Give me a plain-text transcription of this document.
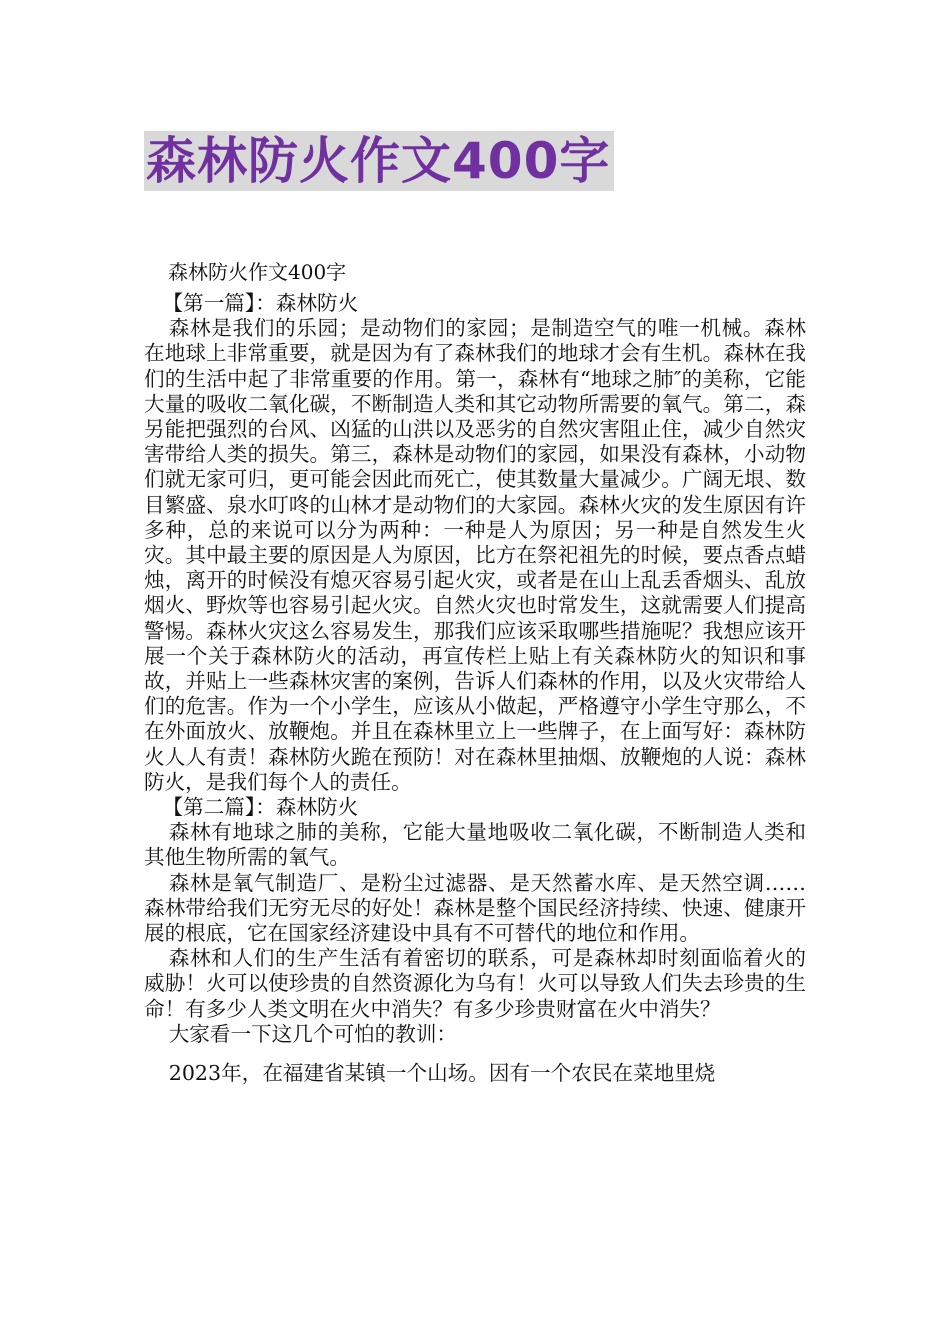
森林防火作文400字
森林防火作文400字

【第一篇】：森林防火

森林是我们的乐园；是动物们的家园；是制造空气的唯一机械。森林在地球上非常重要，就是因为有了森林我们的地球才会有生机。森林在我们的生活中起了非常重要的作用。第一，森林有“地球之肺″的美称，它能大量的吸收二氧化碳，不断制造人类和其它动物所需要的氧气。第二，森另能把强烈的台风、凶猛的山洪以及恶劣的自然灾害阻止住，减少自然灾害带给人类的损失。第三，森林是动物们的家园，如果没有森林，小动物们就无家可归，更可能会因此而死亡，使其数量大量减少。广阔无垠、数目繁盛、泉水叮咚的山林才是动物们的大家园。森林火灾的发生原因有许多种，总的来说可以分为两种：一种是人为原因；另一种是自然发生火灾。其中最主要的原因是人为原因，比方在祭祀祖先的时候，要点香点蜡烛，离开的时候没有熄灭容易引起火灾，或者是在山上乱丢香烟头、乱放烟火、野炊等也容易引起火灾。自然火灾也时常发生，这就需要人们提高警惕。森林火灾这么容易发生，那我们应该采取哪些措施呢？我想应该开展一个关于森林防火的活动，再宣传栏上贴上有关森林防火的知识和事故，并贴上一些森林灾害的案例，告诉人们森林的作用，以及火灾带给人们的危害。作为一个小学生，应该从小做起，严格遵守小学生守那么，不在外面放火、放鞭炮。并且在森林里立上一些牌子，在上面写好：森林防火人人有责！森林防火跪在预防！对在森林里抽烟、放鞭炮的人说：森林防火，是我们每个人的责任。

【第二篇】：森林防火

森林有地球之肺的美称，它能大量地吸收二氧化碳，不断制造人类和其他生物所需的氧气。

森林是氧气制造厂、是粉尘过滤器、是天然蓄水库、是天然空调……森林带给我们无穷无尽的好处！森林是整个国民经济持续、快速、健康开展的根底，它在国家经济建设中具有不可替代的地位和作用。

森林和人们的生产生活有着密切的联系，可是森林却时刻面临着火的威胁！火可以使珍贵的自然资源化为乌有！火可以导致人们失去珍贵的生命！有多少人类文明在火中消失？有多少珍贵财富在火中消失？

大家看一下这几个可怕的教训：

2023年，在福建省某镇一个山场。因有一个农民在菜地里烧
